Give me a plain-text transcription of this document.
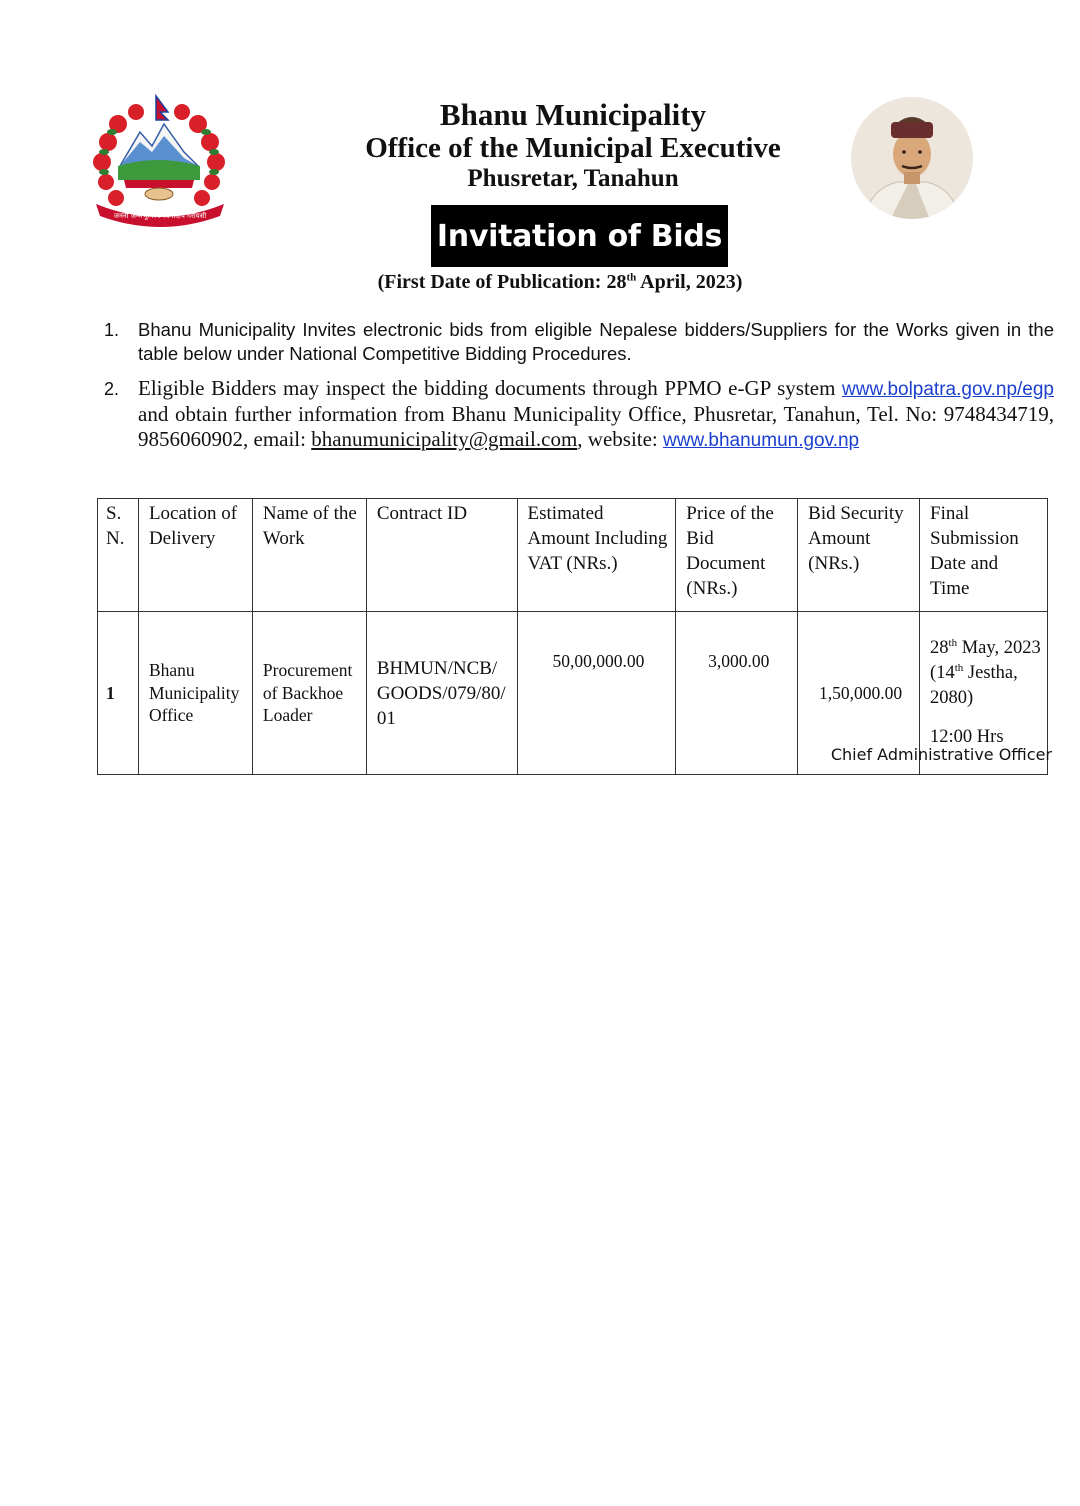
जननी जन्मभूमिश्च स्वर्गादपि गरीयसी
Bhanu Municipality
Office of the Municipal Executive
Phusretar, Tanahun
Invitation of Bids
(First Date of Publication: 28th April, 2023)
1.	Bhanu Municipality Invites electronic bids from eligible Nepalese bidders/Suppliers for the Works given in the table below under National Competitive Bidding Procedures.
2. Eligible Bidders may inspect the bidding documents through PPMO e-GP system www.bolpatra.gov.np/egp and obtain further information from Bhanu Municipality Office, Phusretar, Tanahun, Tel. No: 9748434719, 9856060902, email: bhanumunicipality@gmail.com, website: www.bhanumun.gov.np
S. N.	Location of Delivery	Name of the Work	Contract ID	Estimated Amount Including VAT (NRs.)	Price of the Bid Document (NRs.)	Bid Security Amount (NRs.)	Final Submission Date and Time
1	Bhanu Municipality Office	Procurement of Backhoe Loader	BHMUN/NCB/GOODS/079/80/01	50,00,000.00	3,000.00	1,50,000.00	28th May, 2023 (14th Jestha, 2080)
12:00 Hrs
Chief Administrative Officer
